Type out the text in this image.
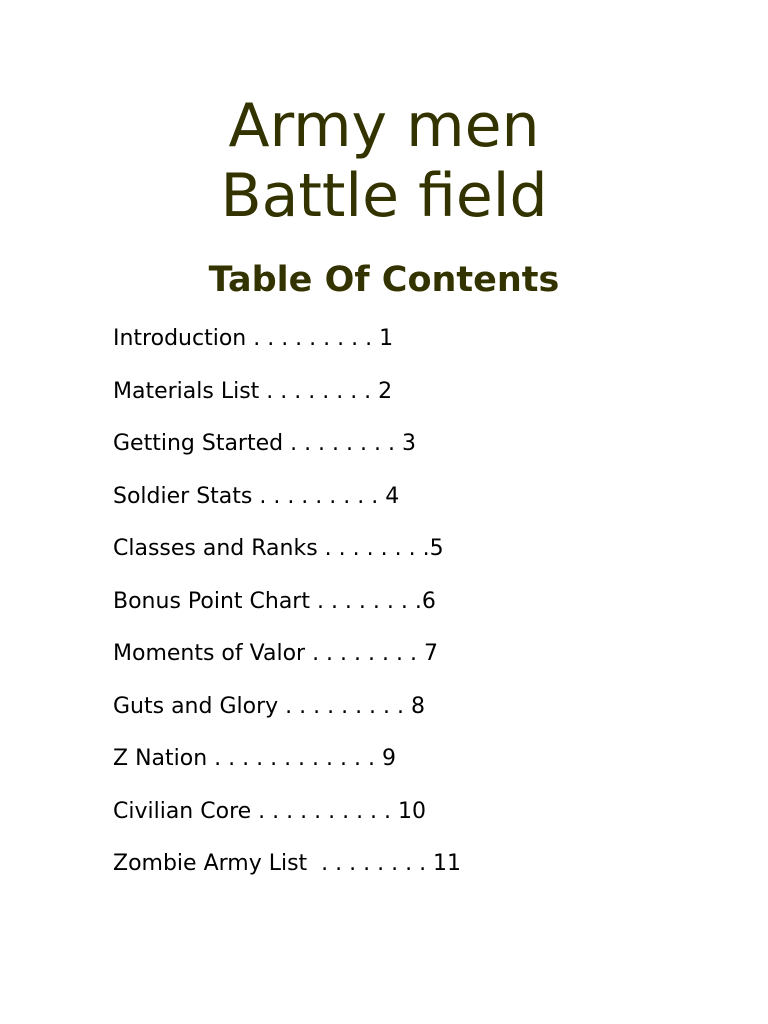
Army men
Battle field
Table Of Contents
Introduction . . . . . . . . . 1
Materials List . . . . . . . . 2
Getting Started . . . . . . . . 3
Soldier Stats . . . . . . . . . 4
Classes and Ranks . . . . . . . .5
Bonus Point Chart . . . . . . . .6
Moments of Valor . . . . . . . . 7
Guts and Glory . . . . . . . . . 8
Z Nation . . . . . . . . . . . . 9
Civilian Core . . . . . . . . . . 10
Zombie Army List  . . . . . . . . 11
